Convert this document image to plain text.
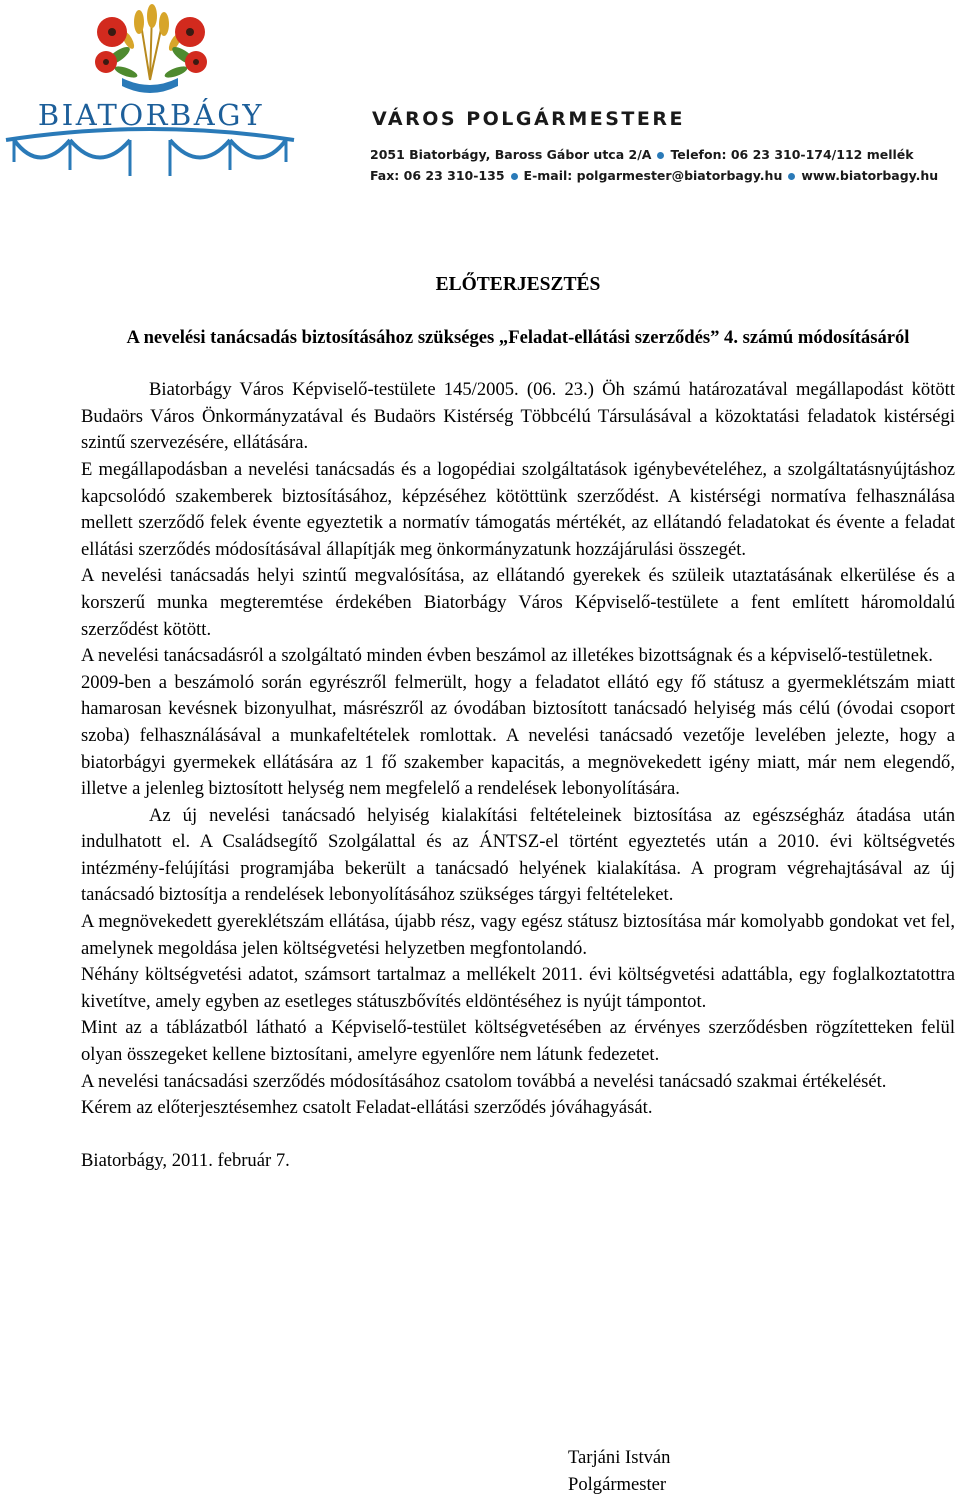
BIATORBÁGY	VÁROS POLGÁRMESTERE
2051 Biatorbágy, Baross Gábor utca 2/A Telefon: 06 23 310-174/112 mellék
Fax: 06 23 310-135 E-mail: polgarmester@biatorbagy.hu www.biatorbagy.hu

ELŐTERJESZTÉS

A nevelési tanácsadás biztosításához szükséges „Feladat-ellátási szerződés” 4. számú módosításáról

Biatorbágy Város Képviselő-testülete 145/2005. (06. 23.) Öh számú határozatával megállapodást kötött Budaörs Város Önkormányzatával és Budaörs Kistérség Többcélú Társulásával a közoktatási feladatok kistérségi szintű szervezésére, ellátására.

E megállapodásban a nevelési tanácsadás és a logopédiai szolgáltatások igénybevételéhez, a szolgáltatásnyújtáshoz kapcsolódó szakemberek biztosításához, képzéséhez kötöttünk szerződést. A kistérségi normatíva felhasználása mellett szerződő felek évente egyeztetik a normatív támogatás mértékét, az ellátandó feladatokat és évente a feladat ellátási szerződés módosításával állapítják meg önkormányzatunk hozzájárulási összegét.

A nevelési tanácsadás helyi szintű megvalósítása, az ellátandó gyerekek és szüleik utaztatásának elkerülése és a korszerű munka megteremtése érdekében Biatorbágy Város Képviselő-testülete a fent említett háromoldalú szerződést kötött.

A nevelési tanácsadásról a szolgáltató minden évben beszámol az illetékes bizottságnak és a képviselő-testületnek.

2009-ben a beszámoló során egyrészről felmerült, hogy a feladatot ellátó egy fő státusz a gyermeklétszám miatt hamarosan kevésnek bizonyulhat, másrészről az óvodában biztosított tanácsadó helyiség más célú (óvodai csoport szoba) felhasználásával a munkafeltételek romlottak. A nevelési tanácsadó vezetője levelében jelezte, hogy a biatorbágyi gyermekek ellátására az 1 fő szakember kapacitás, a megnövekedett igény miatt, már nem elegendő, illetve a jelenleg biztosított helység nem megfelelő a rendelések lebonyolítására.

Az új nevelési tanácsadó helyiség kialakítási feltételeinek biztosítása az egészségház átadása után indulhatott el. A Családsegítő Szolgálattal és az ÁNTSZ-el történt egyeztetés után a 2010. évi költségvetés intézmény-felújítási programjába bekerült a tanácsadó helyének kialakítása. A program végrehajtásával az új tanácsadó biztosítja a rendelések lebonyolításához szükséges tárgyi feltételeket.

A megnövekedett gyereklétszám ellátása, újabb rész, vagy egész státusz biztosítása már komolyabb gondokat vet fel, amelynek megoldása jelen költségvetési helyzetben megfontolandó.

Néhány költségvetési adatot, számsort tartalmaz a mellékelt 2011. évi költségvetési adattábla, egy foglalkoztatottra kivetítve, amely egyben az esetleges státuszbővítés eldöntéséhez is nyújt támpontot.

Mint az a táblázatból látható a Képviselő-testület költségvetésében az érvényes szerződésben rögzítetteken felül olyan összegeket kellene biztosítani, amelyre egyenlőre nem látunk fedezetet.

A nevelési tanácsadási szerződés módosításához csatolom továbbá a nevelési tanácsadó szakmai értékelését.

Kérem az előterjesztésemhez csatolt Feladat-ellátási szerződés jóváhagyását.

Biatorbágy, 2011. február 7.

Tarjáni István
Polgármester
